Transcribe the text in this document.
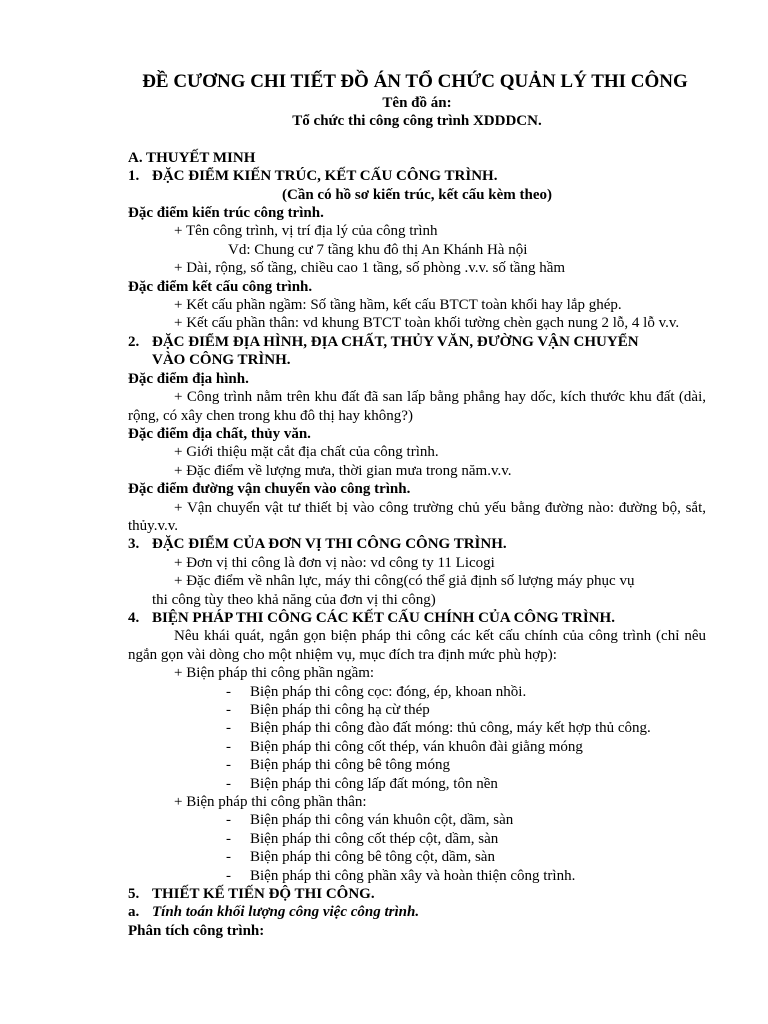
ĐỀ CƯƠNG CHI TIẾT ĐỒ ÁN TỔ CHỨC QUẢN LÝ THI CÔNG
Tên đồ án:
Tổ chức thi công công trình XDDDCN.
A. THUYẾT MINH
1. ĐẶC ĐIỂM KIẾN TRÚC, KẾT CẤU CÔNG TRÌNH.
(Cần có hồ sơ kiến trúc, kết cấu kèm theo)
Đặc điểm kiến trúc công trình.
+ Tên công trình, vị trí địa lý của công trình
Vd: Chung cư 7 tầng khu đô thị An Khánh Hà nội
+ Dài, rộng, số tầng, chiều cao 1 tầng, số phòng .v.v. số tầng hầm
Đặc điểm kết cấu công trình.
+ Kết cấu phần ngầm: Số tầng hầm, kết cấu BTCT toàn khối hay lắp ghép.
+ Kết cấu phần thân: vd khung BTCT toàn khối tường chèn gạch nung 2 lỗ, 4 lỗ v.v.
2. ĐẶC ĐIỂM ĐỊA HÌNH, ĐỊA CHẤT, THỦY VĂN, ĐƯỜNG VẬN CHUYỂN
VÀO CÔNG TRÌNH.
Đặc điểm địa hình.
+ Công trình nằm trên khu đất đã san lấp bằng phẳng hay dốc, kích thước khu đất (dài, rộng, có xây chen trong khu đô thị hay không?)
Đặc điểm địa chất, thủy văn.
+ Giới thiệu mặt cắt địa chất của công trình.
+ Đặc điểm về lượng mưa, thời gian mưa trong năm.v.v.
Đặc điểm đường vận chuyển vào công trình.
+ Vận chuyển vật tư thiết bị vào công trường chủ yếu bằng đường nào: đường bộ, sắt, thủy.v.v.
3. ĐẶC ĐIỂM CỦA ĐƠN VỊ THI CÔNG CÔNG TRÌNH.
+ Đơn vị thi công là đơn vị nào: vd công ty 11 Licogi
+ Đặc điểm về nhân lực, máy thi công(có thể giả định số lượng máy phục vụ
thi công tùy theo khả năng của đơn vị thi công)
4. BIỆN PHÁP THI CÔNG CÁC KẾT CẤU CHÍNH CỦA CÔNG TRÌNH.
Nêu khái quát, ngắn gọn biện pháp thi công các kết cấu chính của công trình (chỉ nêu ngắn gọn vài dòng cho một nhiệm vụ, mục đích tra định mức phù hợp):
+ Biện pháp thi công phần ngầm:
-	Biện pháp thi công cọc: đóng, ép, khoan nhồi.
-	Biện pháp thi công hạ cừ thép
-	Biện pháp thi công đào đất móng: thủ công, máy kết hợp thủ công.
-	Biện pháp thi công cốt thép, ván khuôn đài giằng móng
-	Biện pháp thi công bê tông móng
-	Biện pháp thi công lấp đất móng, tôn nền
+ Biện pháp thi công phần thân:
-	Biện pháp thi công ván khuôn cột, dầm, sàn
-	Biện pháp thi công cốt thép cột, dầm, sàn
-	Biện pháp thi công bê tông cột, dầm, sàn
-	Biện pháp thi công phần xây và hoàn thiện công trình.
5. THIẾT KẾ TIẾN ĐỘ THI CÔNG.
a. Tính toán khối lượng công việc công trình.
Phân tích công trình:
